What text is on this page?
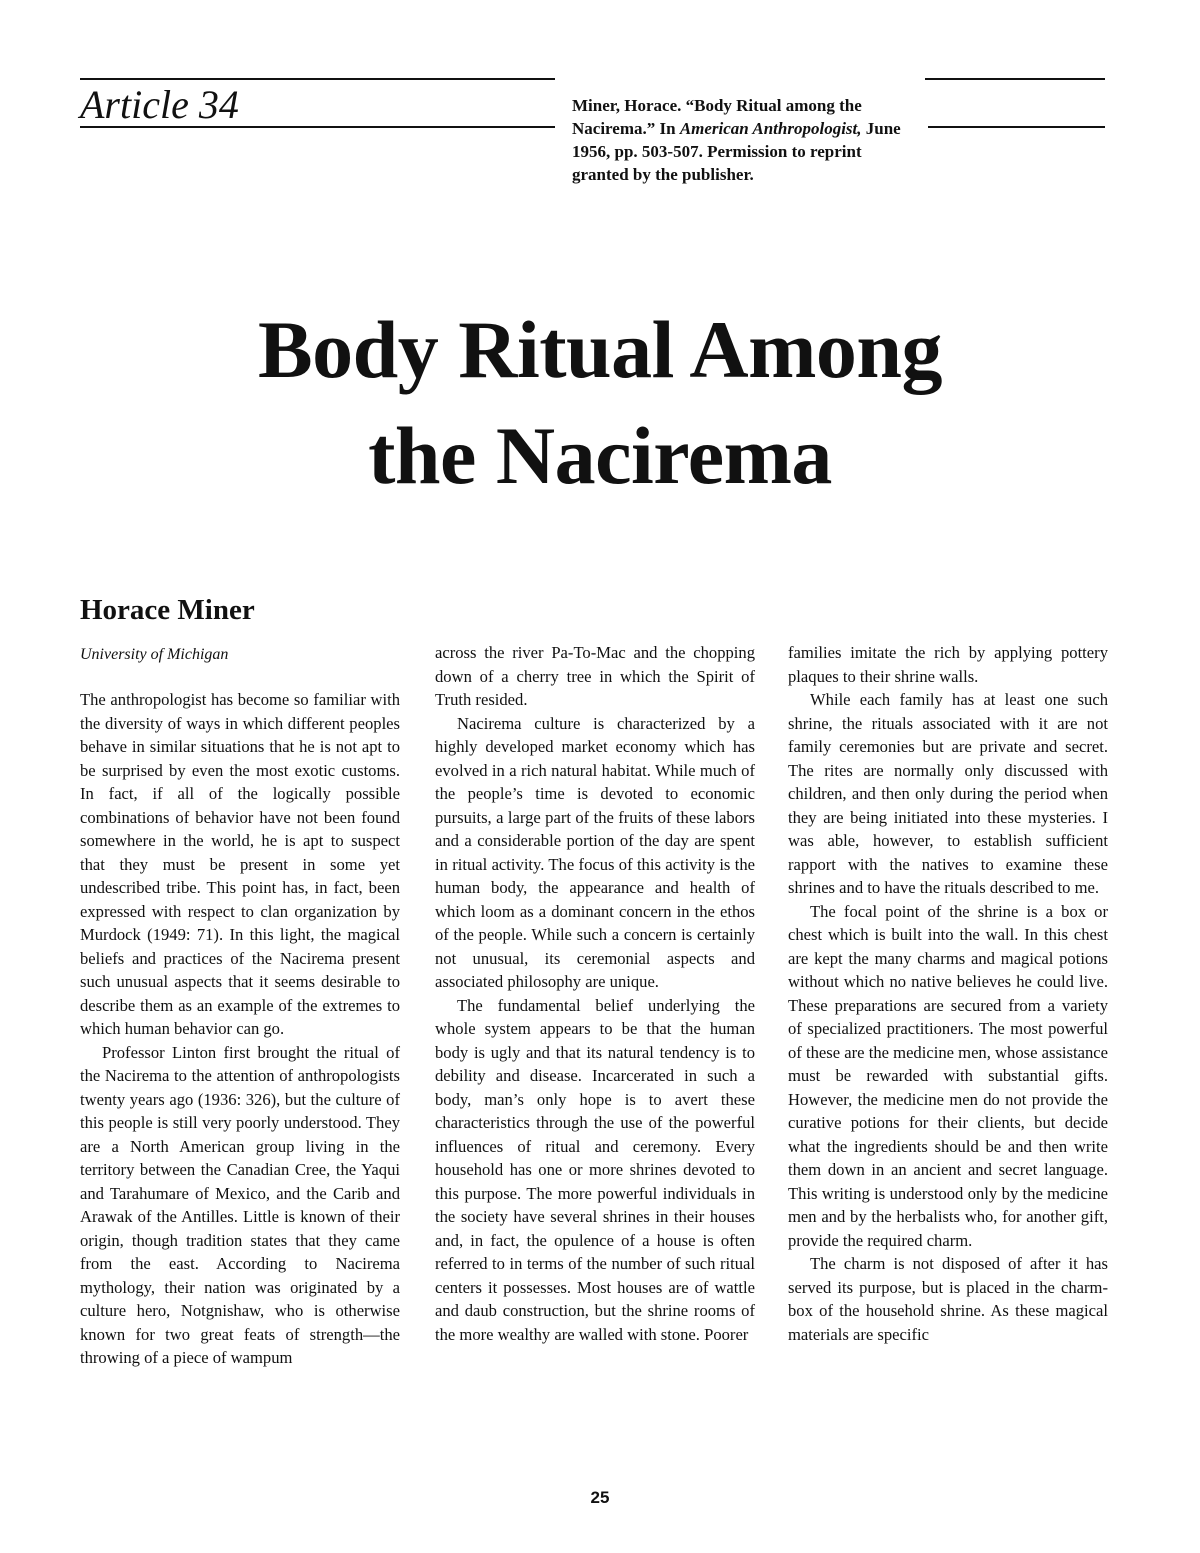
Article 34	Miner, Horace. “Body Ritual among the Nacirema.” In American Anthropologist, June 1956, pp. 503-507. Permission to reprint granted by the publisher.

Body Ritual Among
the Nacirema
Horace Miner

University of Michigan

The anthropologist has become so familiar with the diversity of ways in which different peoples behave in similar situations that he is not apt to be surprised by even the most exotic customs. In fact, if all of the logically possible combinations of behavior have not been found somewhere in the world, he is apt to suspect that they must be present in some yet undescribed tribe. This point has, in fact, been expressed with respect to clan organization by Murdock (1949: 71). In this light, the magical beliefs and practices of the Nacirema present such unusual aspects that it seems desirable to describe them as an example of the extremes to which human behavior can go.

Professor Linton first brought the ritual of the Nacirema to the attention of anthropologists twenty years ago (1936: 326), but the culture of this people is still very poorly understood. They are a North American group living in the territory between the Canadian Cree, the Yaqui and Tarahumare of Mexico, and the Carib and Arawak of the Antilles. Little is known of their origin, though tradition states that they came from the east. According to Nacirema mythology, their nation was originated by a culture hero, Notgnishaw, who is otherwise known for two great feats of strength—the throwing of a piece of wampum

across the river Pa-To-Mac and the chopping down of a cherry tree in which the Spirit of Truth resided.

Nacirema culture is characterized by a highly developed market economy which has evolved in a rich natural habitat. While much of the people’s time is devoted to economic pursuits, a large part of the fruits of these labors and a considerable portion of the day are spent in ritual activity. The focus of this activity is the human body, the appearance and health of which loom as a dominant concern in the ethos of the people. While such a concern is certainly not unusual, its ceremonial aspects and associated philosophy are unique.

The fundamental belief underlying the whole system appears to be that the human body is ugly and that its natural tendency is to debility and disease. Incarcerated in such a body, man’s only hope is to avert these characteristics through the use of the powerful influences of ritual and ceremony. Every household has one or more shrines devoted to this purpose. The more powerful individuals in the society have several shrines in their houses and, in fact, the opulence of a house is often referred to in terms of the number of such ritual centers it possesses. Most houses are of wattle and daub construction, but the shrine rooms of the more wealthy are walled with stone. Poorer

families imitate the rich by applying pottery plaques to their shrine walls.

While each family has at least one such shrine, the rituals associated with it are not family ceremonies but are private and secret. The rites are normally only discussed with children, and then only during the period when they are being initiated into these mysteries. I was able, however, to establish sufficient rapport with the natives to examine these shrines and to have the rituals described to me.

The focal point of the shrine is a box or chest which is built into the wall. In this chest are kept the many charms and magical potions without which no native believes he could live. These preparations are secured from a variety of specialized practitioners. The most powerful of these are the medicine men, whose assistance must be rewarded with substantial gifts. However, the medicine men do not provide the curative potions for their clients, but decide what the ingredients should be and then write them down in an ancient and secret language. This writing is understood only by the medicine men and by the herbalists who, for another gift, provide the required charm.

The charm is not disposed of after it has served its purpose, but is placed in the charm-box of the household shrine. As these magical materials are specific

25
